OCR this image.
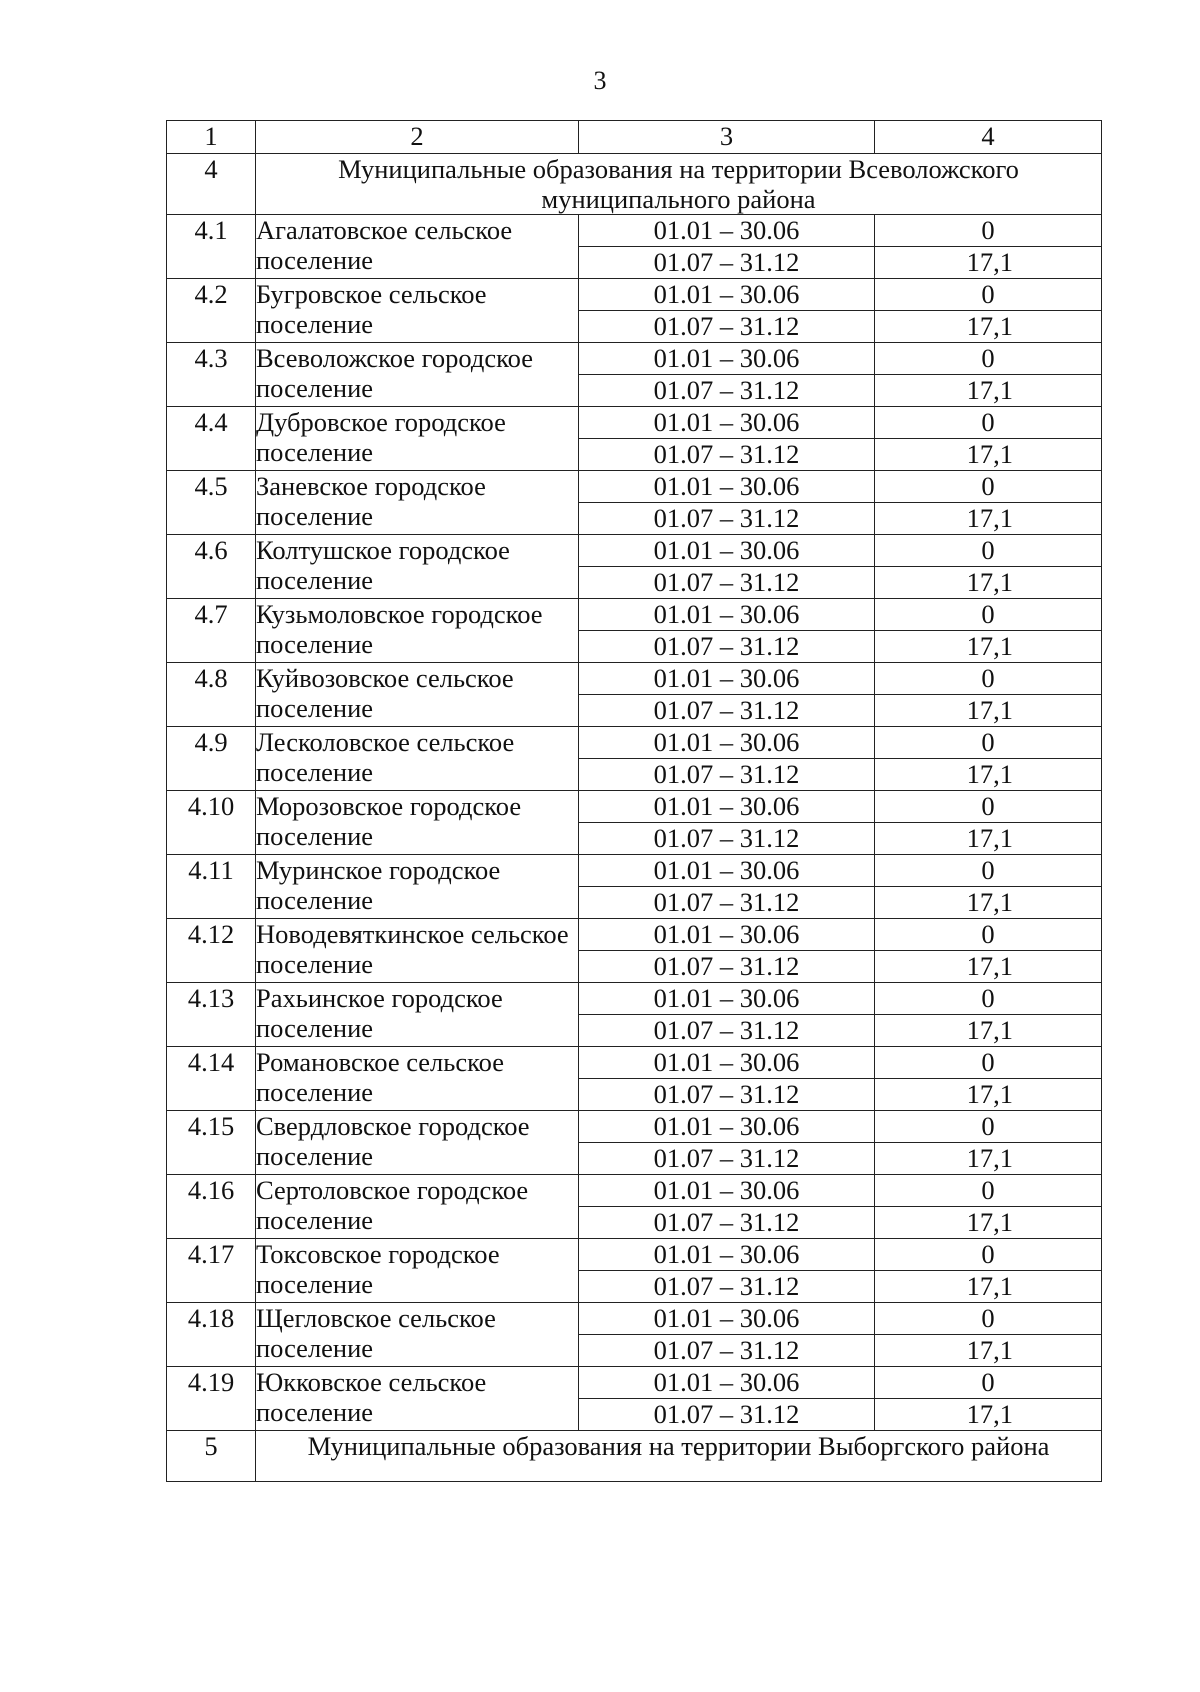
3
1	2	3	4
4	Муниципальные образования на территории Всеволожского муниципального района		
4.1	Агалатовское сельское поселение	01.01 – 30.06	0
		01.07 – 31.12	17,1
4.2	Бугровское сельское поселение	01.01 – 30.06	0
		01.07 – 31.12	17,1
4.3	Всеволожское городское поселение	01.01 – 30.06	0
		01.07 – 31.12	17,1
4.4	Дубровское городское поселение	01.01 – 30.06	0
		01.07 – 31.12	17,1
4.5	Заневское городское поселение	01.01 – 30.06	0
		01.07 – 31.12	17,1
4.6	Колтушское городское поселение	01.01 – 30.06	0
		01.07 – 31.12	17,1
4.7	Кузьмоловское городское поселение	01.01 – 30.06	0
		01.07 – 31.12	17,1
4.8	Куйвозовское сельское поселение	01.01 – 30.06	0
		01.07 – 31.12	17,1
4.9	Лесколовское сельское поселение	01.01 – 30.06	0
		01.07 – 31.12	17,1
4.10	Морозовское городское поселение	01.01 – 30.06	0
		01.07 – 31.12	17,1
4.11	Муринское городское поселение	01.01 – 30.06	0
		01.07 – 31.12	17,1
4.12	Новодевяткинское сельское поселение	01.01 – 30.06	0
		01.07 – 31.12	17,1
4.13	Рахьинское городское поселение	01.01 – 30.06	0
		01.07 – 31.12	17,1
4.14	Романовское сельское поселение	01.01 – 30.06	0
		01.07 – 31.12	17,1
4.15	Свердловское городское поселение	01.01 – 30.06	0
		01.07 – 31.12	17,1
4.16	Сертоловское городское поселение	01.01 – 30.06	0
		01.07 – 31.12	17,1
4.17	Токсовское городское поселение	01.01 – 30.06	0
		01.07 – 31.12	17,1
4.18	Щегловское сельское поселение	01.01 – 30.06	0
		01.07 – 31.12	17,1
4.19	Юкковское сельское поселение	01.01 – 30.06	0
		01.07 – 31.12	17,1
5	Муниципальные образования на территории Выборгского района		
